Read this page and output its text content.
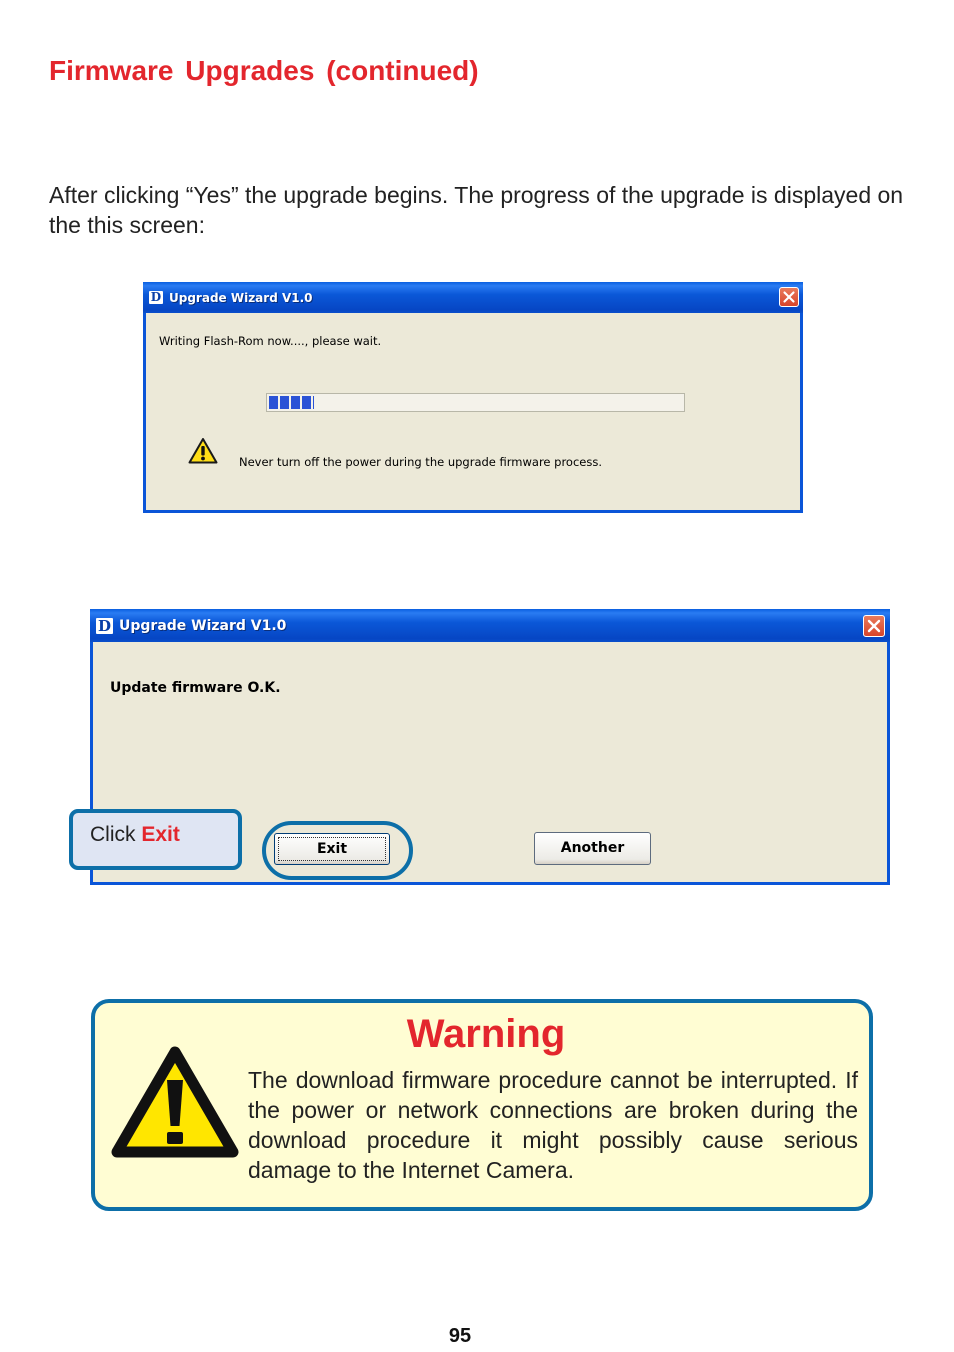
Firmware Upgrades (continued)

After clicking “Yes” the upgrade begins. The progress of the upgrade is displayed on the this screen:

D Upgrade Wizard V1.0
Writing Flash-Rom now...., please wait.
Never turn off the power during the upgrade firmware process.
D Upgrade Wizard V1.0
Update firmware O.K.
Exit	Another
Click Exit
Warning

The download firmware procedure cannot be interrupted. If the power or network connections are broken during the download procedure it might possibly cause serious damage to the Internet Camera.

95
